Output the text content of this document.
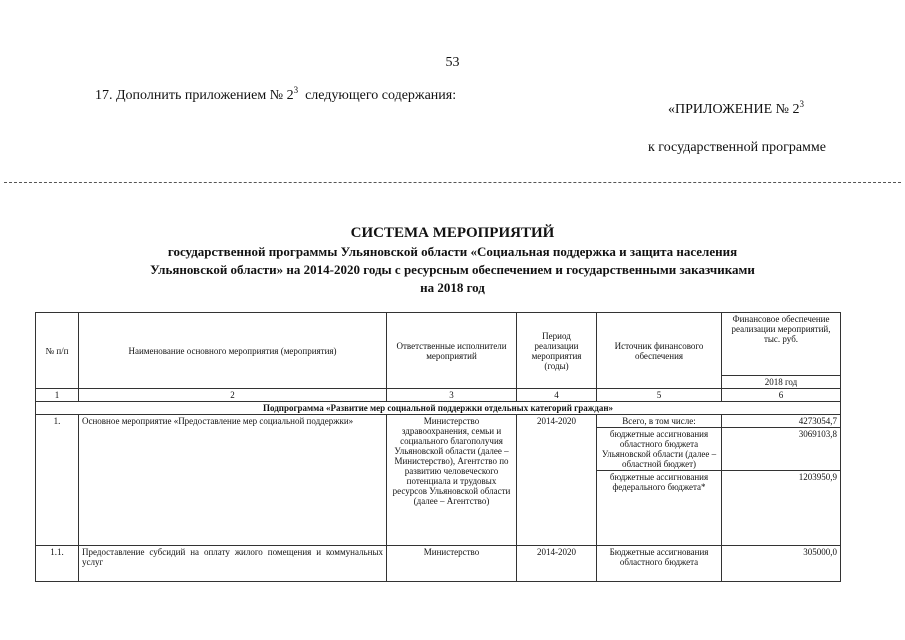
53
17. Дополнить приложением № $2^3$ следующего содержания:
«ПРИЛОЖЕНИЕ № $2^3$
к государственной программе
СИСТЕМА МЕРОПРИЯТИЙ
государственной программы Ульяновской области «Социальная поддержка и защита населения
Ульяновской области» на 2014-2020 годы с ресурсным обеспечением и государственными заказчиками
на 2018 год
№ п/п	Наименование основного мероприятия (мероприятия)	Ответственные исполнители мероприятий	Период реализации мероприятия (годы)	Источник финансового обеспечения	Финансовое обеспечение реализации мероприятий, тыс. руб.
					2018 год
1	2	3	4	5	6
Подпрограмма «Развитие мер социальной поддержки отдельных категорий граждан»					
1.	Основное мероприятие «Предоставление мер социальной поддержки»	Министерство здравоохранения, семьи и социального благополучия Ульяновской области (далее – Министерство), Агентство по развитию человеческого потенциала и трудовых ресурсов Ульяновской области (далее – Агентство)	2014-2020	Всего, в том числе:	4273054,7
				бюджетные ассигнования областного бюджета Ульяновской области (далее – областной бюджет)	3069103,8
				бюджетные ассигнования федерального бюджета*	1203950,9
1.1.	Предоставление субсидий на оплату жилого помещения и коммунальных услуг	Министерство	2014-2020	Бюджетные ассигнования областного бюджета	305000,0
